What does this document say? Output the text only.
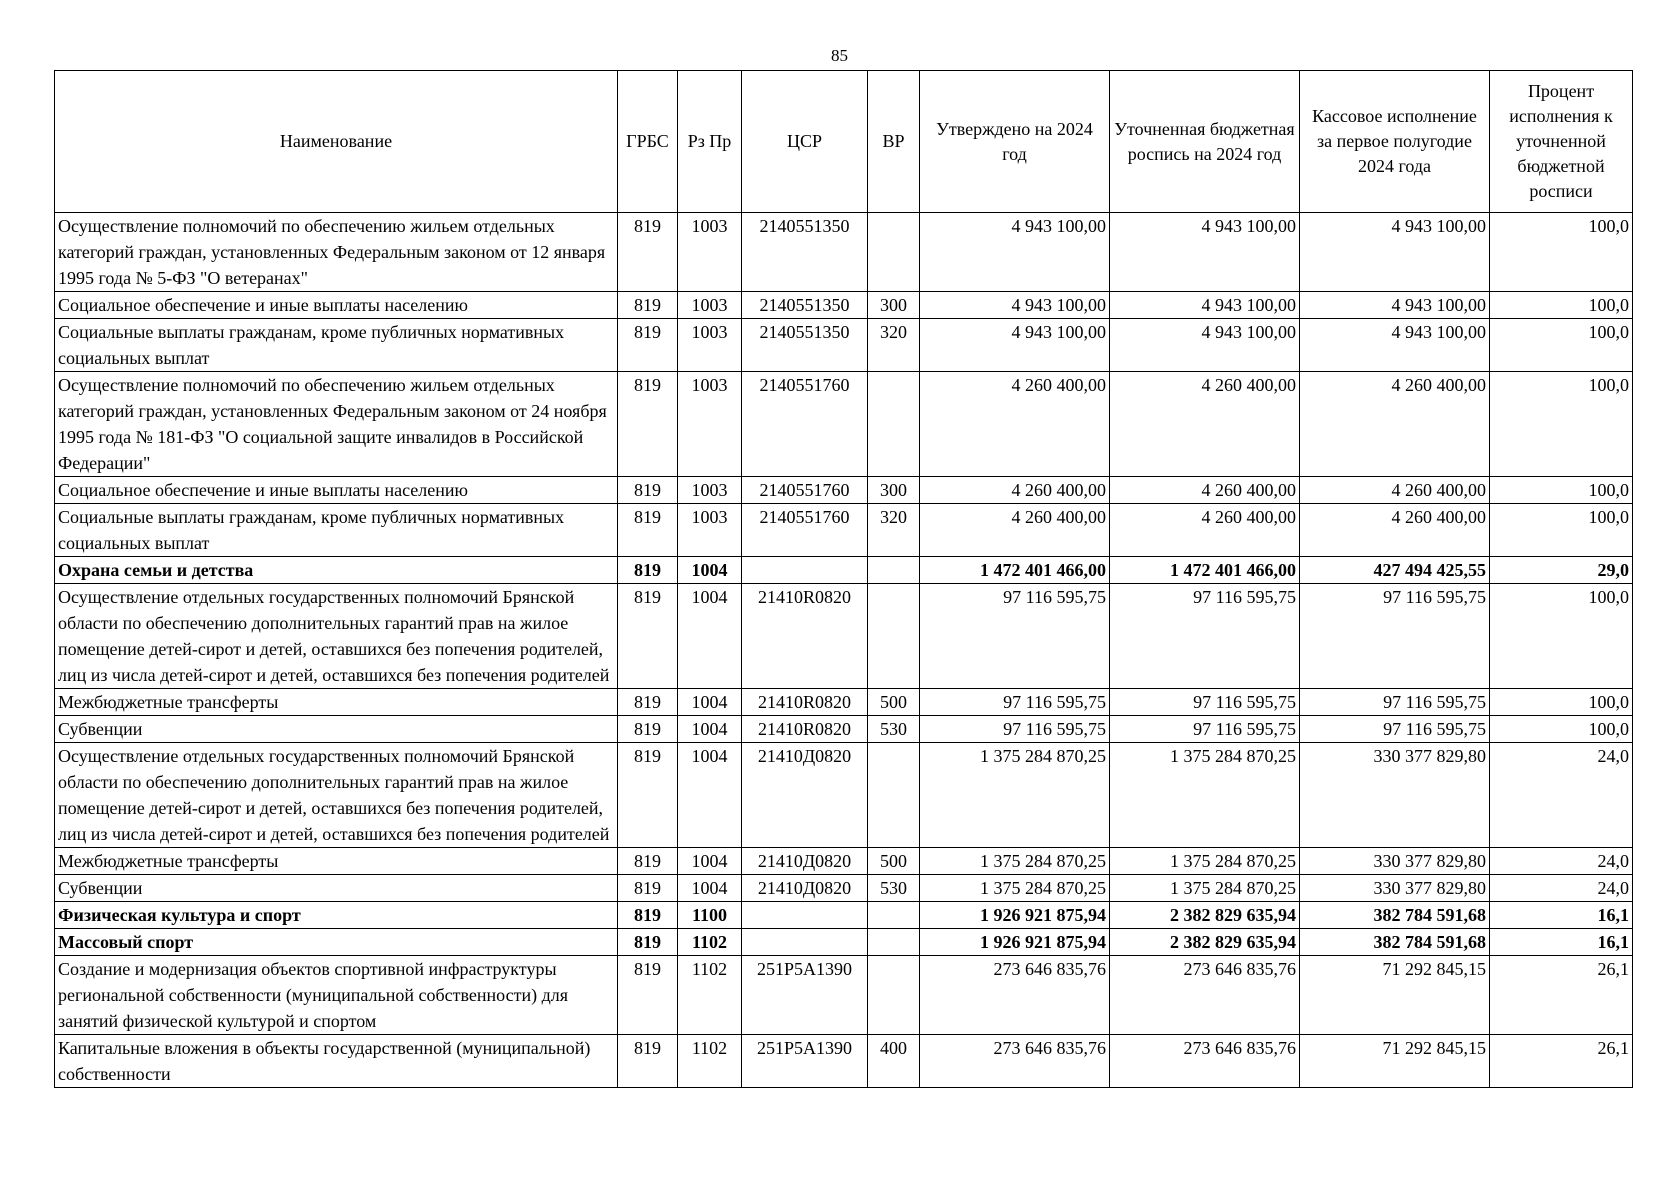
85
Наименование	ГРБС	Рз Пр	ЦСР	ВР	Утверждено на 2024 год	Уточненная бюджетная роспись на 2024 год	Кассовое исполнение за первое полугодие 2024 года	Процент исполнения к уточненной бюджетной росписи
Осуществление полномочий по обеспечению жильем отдельных категорий граждан, установленных Федеральным законом от 12 января 1995 года № 5-ФЗ "О ветеранах"	819	1003	2140551350		4 943 100,00	4 943 100,00	4 943 100,00	100,0
Социальное обеспечение и иные выплаты населению	819	1003	2140551350	300	4 943 100,00	4 943 100,00	4 943 100,00	100,0
Социальные выплаты гражданам, кроме публичных нормативных социальных выплат	819	1003	2140551350	320	4 943 100,00	4 943 100,00	4 943 100,00	100,0
Осуществление полномочий по обеспечению жильем отдельных категорий граждан, установленных Федеральным законом от 24 ноября 1995 года № 181-ФЗ "О социальной защите инвалидов в Российской Федерации"	819	1003	2140551760		4 260 400,00	4 260 400,00	4 260 400,00	100,0
Социальное обеспечение и иные выплаты населению	819	1003	2140551760	300	4 260 400,00	4 260 400,00	4 260 400,00	100,0
Социальные выплаты гражданам, кроме публичных нормативных социальных выплат	819	1003	2140551760	320	4 260 400,00	4 260 400,00	4 260 400,00	100,0
Охрана семьи и детства	819	1004			1 472 401 466,00	1 472 401 466,00	427 494 425,55	29,0
Осуществление отдельных государственных полномочий Брянской области по обеспечению дополнительных гарантий прав на жилое помещение детей-сирот и детей, оставшихся без попечения родителей, лиц из числа детей-сирот и детей, оставшихся без попечения родителей	819	1004	21410R0820		97 116 595,75	97 116 595,75	97 116 595,75	100,0
Межбюджетные трансферты	819	1004	21410R0820	500	97 116 595,75	97 116 595,75	97 116 595,75	100,0
Субвенции	819	1004	21410R0820	530	97 116 595,75	97 116 595,75	97 116 595,75	100,0
Осуществление отдельных государственных полномочий Брянской области по обеспечению дополнительных гарантий прав на жилое помещение детей-сирот и детей, оставшихся без попечения родителей, лиц из числа детей-сирот и детей, оставшихся без попечения родителей	819	1004	21410Д0820		1 375 284 870,25	1 375 284 870,25	330 377 829,80	24,0
Межбюджетные трансферты	819	1004	21410Д0820	500	1 375 284 870,25	1 375 284 870,25	330 377 829,80	24,0
Субвенции	819	1004	21410Д0820	530	1 375 284 870,25	1 375 284 870,25	330 377 829,80	24,0
Физическая культура и спорт	819	1100			1 926 921 875,94	2 382 829 635,94	382 784 591,68	16,1
Массовый спорт	819	1102			1 926 921 875,94	2 382 829 635,94	382 784 591,68	16,1
Создание и модернизация объектов спортивной инфраструктуры региональной собственности (муниципальной собственности) для занятий физической культурой и спортом	819	1102	251P5A1390		273 646 835,76	273 646 835,76	71 292 845,15	26,1
Капитальные вложения в объекты государственной (муниципальной) собственности	819	1102	251P5A1390	400	273 646 835,76	273 646 835,76	71 292 845,15	26,1
